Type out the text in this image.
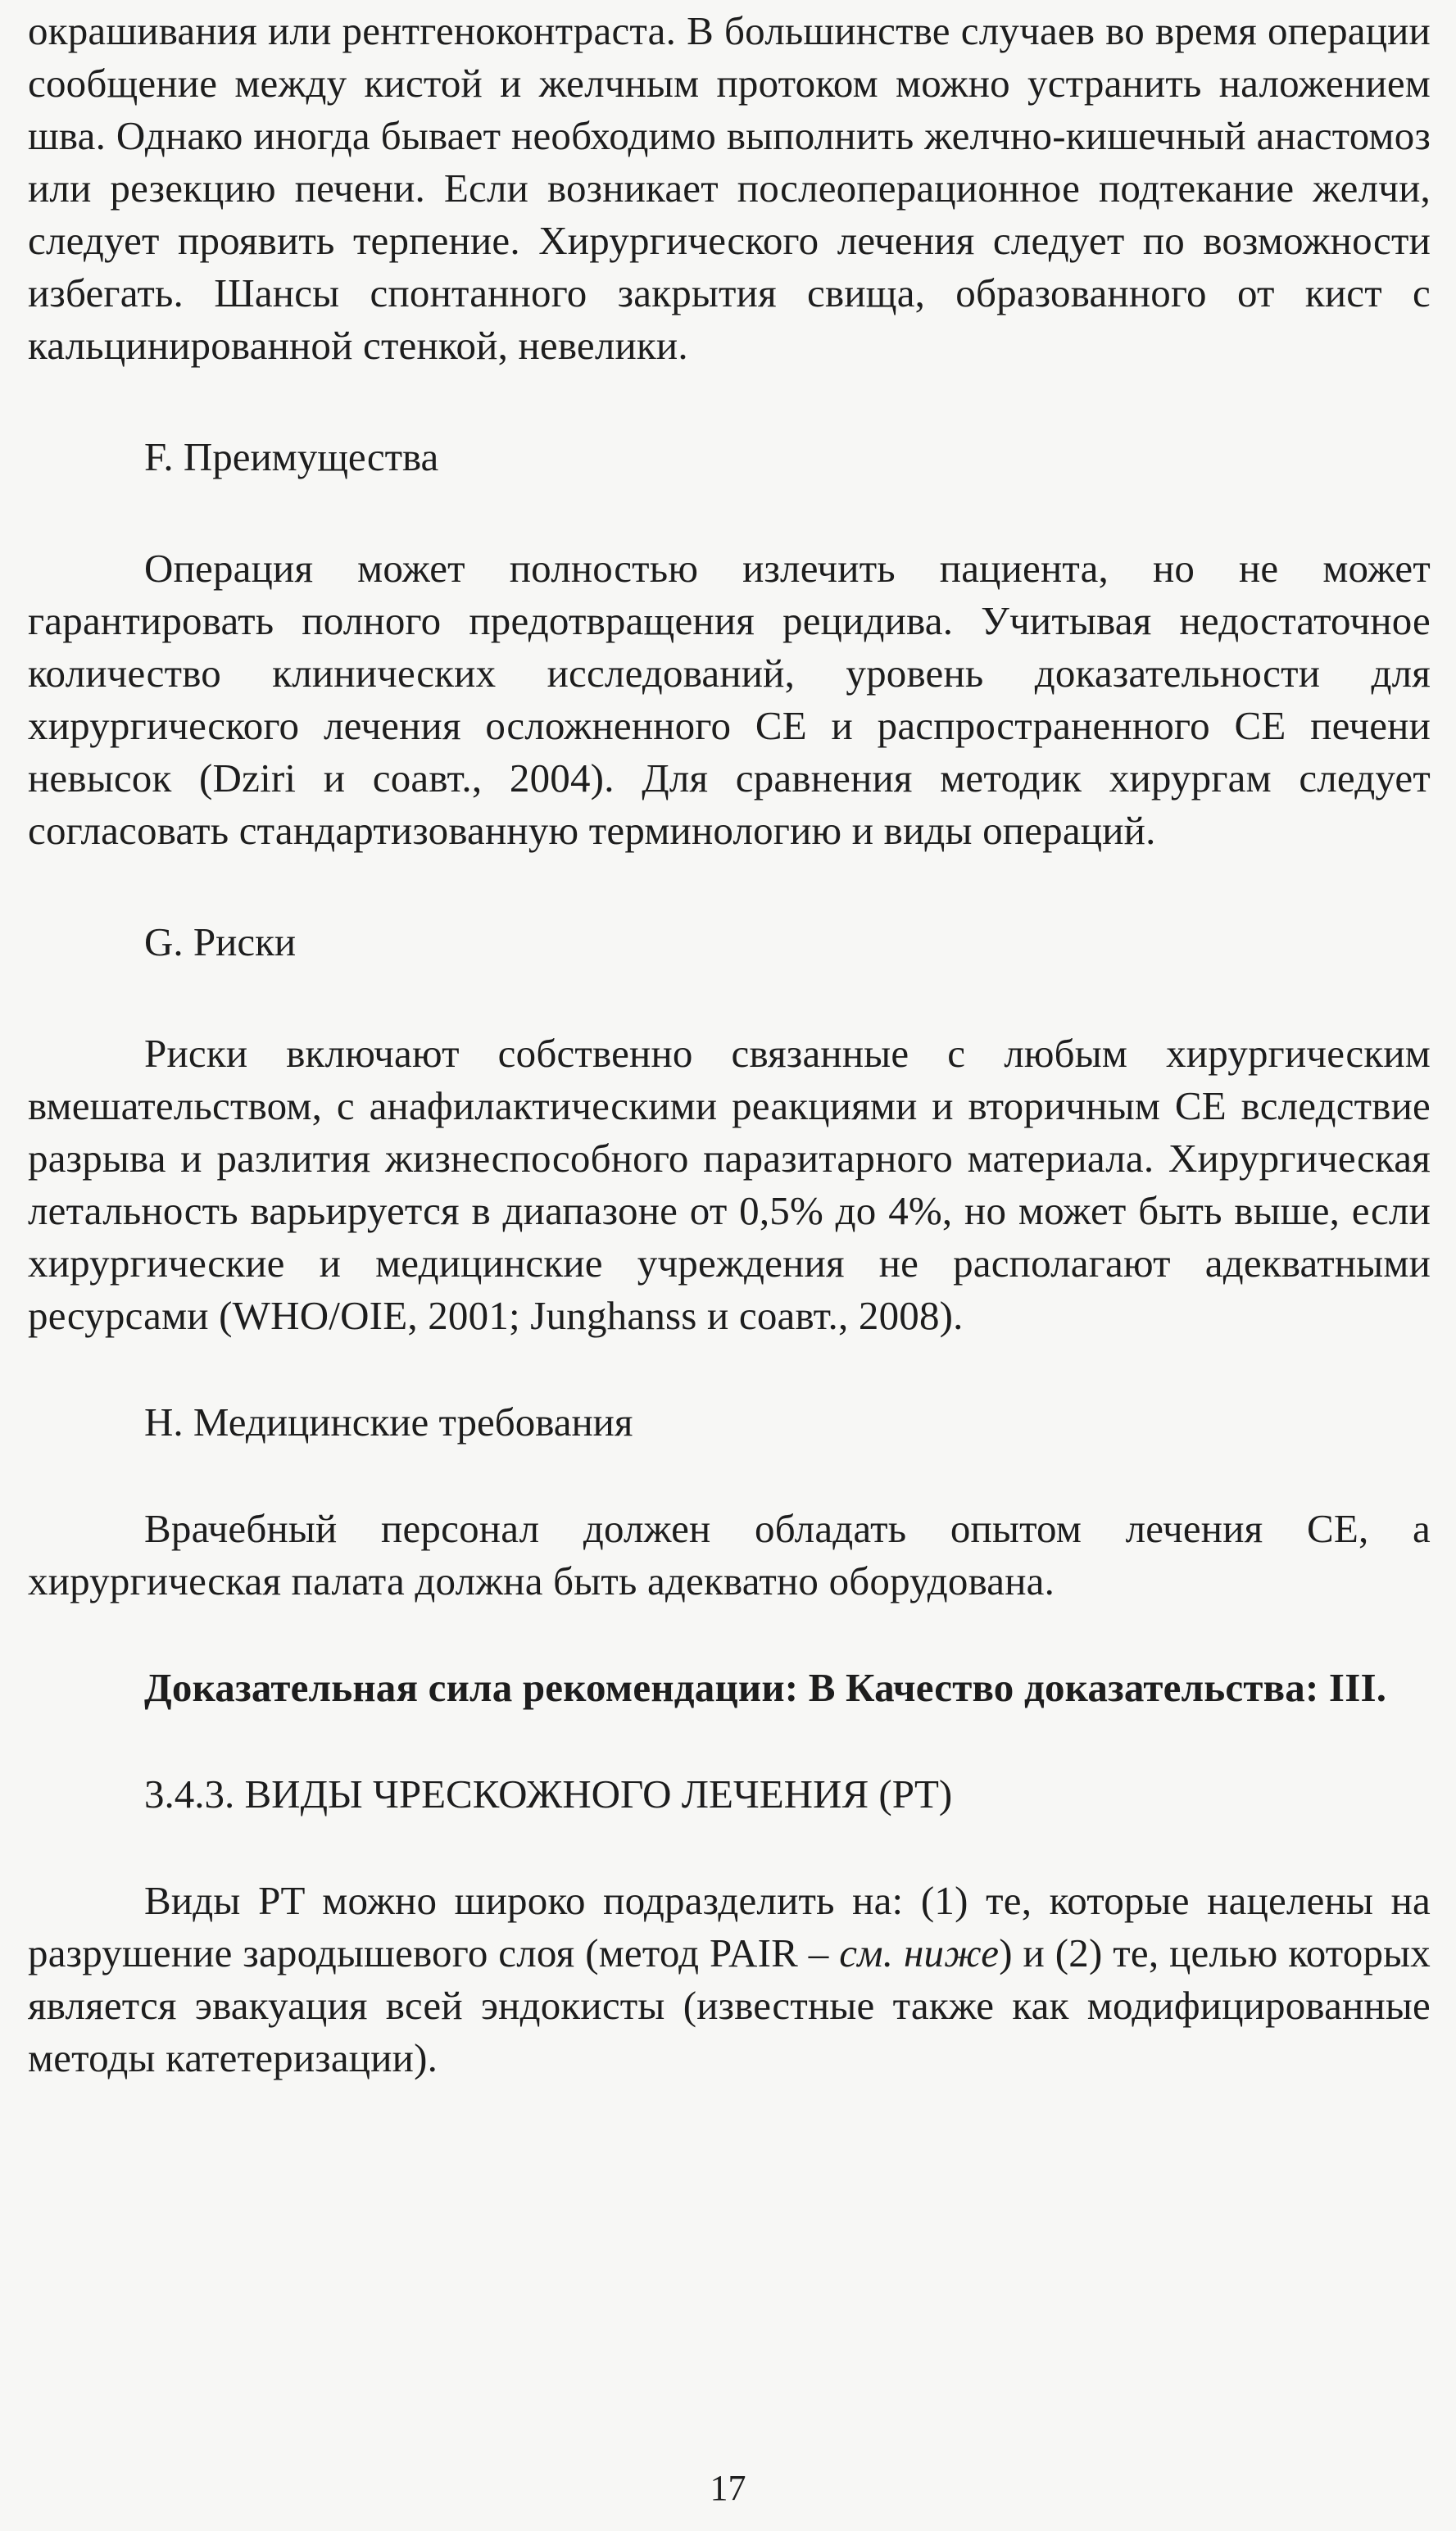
окрашивания или рентгеноконтраста. В большинстве случаев во время операции сообщение между кистой и желчным протоком можно устранить наложением шва. Однако иногда бывает необходимо выполнить желчно-кишечный анастомоз или резекцию печени. Если возникает послеоперационное подтекание желчи, следует проявить терпение. Хирургического лечения следует по возможности избегать. Шансы спонтанного закрытия свища, образованного от кист с кальцинированной стенкой, невелики.

F. Преимущества

Операция может полностью излечить пациента, но не может гарантировать полного предотвращения рецидива. Учитывая недостаточное количество клинических исследований, уровень доказательности для хирургического лечения осложненного СЕ и распространенного СЕ печени невысок (Dziri и соавт., 2004). Для сравнения методик хирургам следует согласовать стандартизованную терминологию и виды операций.

G. Риски

Риски включают собственно связанные с любым хирургическим вмешательством, с анафилактическими реакциями и вторичным СЕ вследствие разрыва и разлития жизнеспособного паразитарного материала. Хирургическая летальность варьируется в диапазоне от 0,5% до 4%, но может быть выше, если хирургические и медицинские учреждения не располагают адекватными ресурсами (WHO/OIE, 2001; Junghanss и соавт., 2008).

H. Медицинские требования

Врачебный персонал должен обладать опытом лечения СЕ, а хирургическая палата должна быть адекватно оборудована.

Доказательная сила рекомендации: В Качество доказательства: III.

3.4.3. ВИДЫ ЧРЕСКОЖНОГО ЛЕЧЕНИЯ (PT)

Виды PT можно широко подразделить на: (1) те, которые нацелены на разрушение зародышевого слоя (метод PAIR – см. ниже) и (2) те, целью которых является эвакуация всей эндокисты (известные также как модифицированные методы катетеризации).

17
